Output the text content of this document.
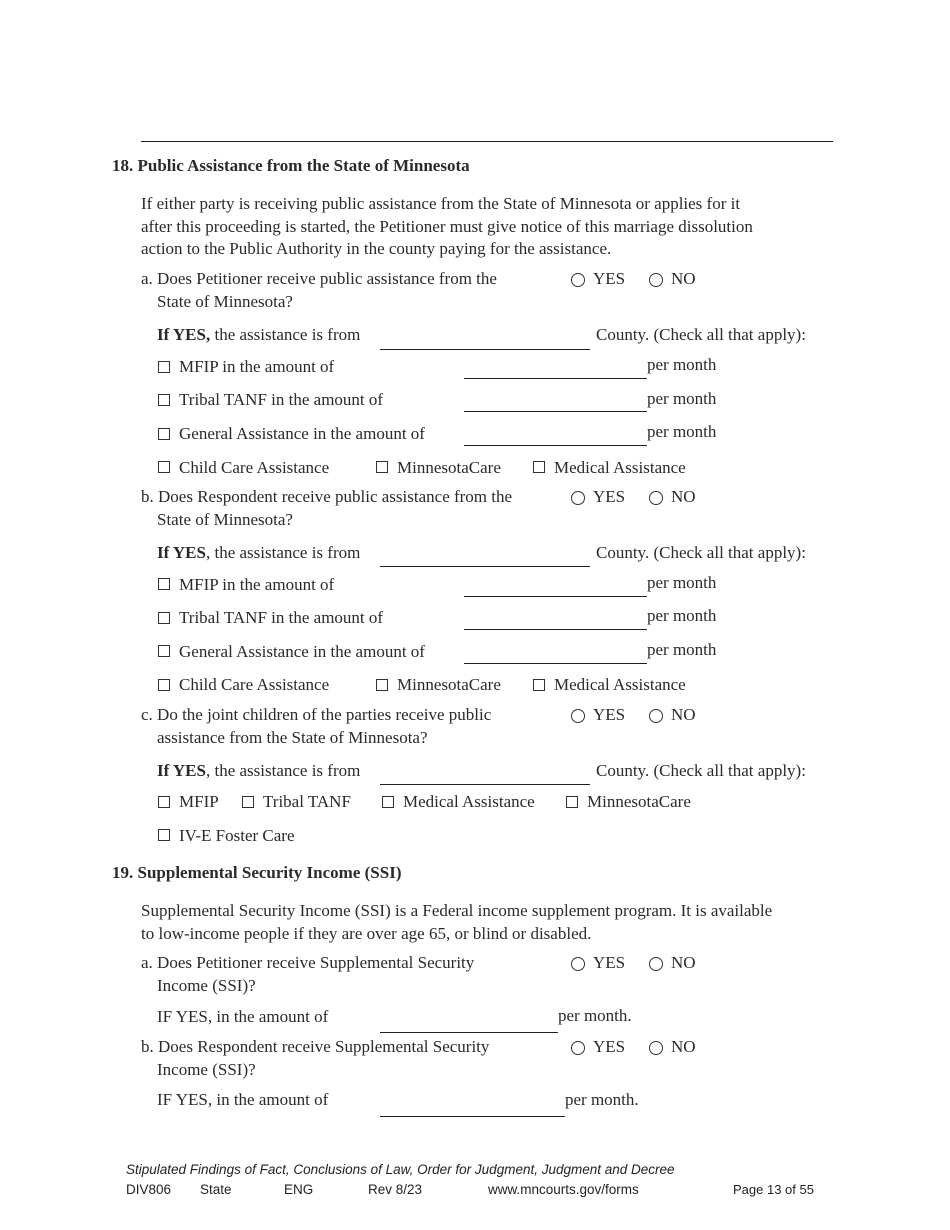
18. Public Assistance from the State of Minnesota
If either party is receiving public assistance from the State of Minnesota or applies for it
after this proceeding is started, the Petitioner must give notice of this marriage dissolution
action to the Public Authority in the county paying for the assistance.
a. Does Petitioner receive public assistance from the
State of Minnesota?
YES	NO
If YES, the assistance is from	County. (Check all that apply):
MFIP in the amount of	per month
Tribal TANF in the amount of	per month
General Assistance in the amount of	per month
Child Care Assistance	MinnesotaCare	Medical Assistance
b. Does Respondent receive public assistance from the
State of Minnesota?
YES	NO
If YES, the assistance is from	County. (Check all that apply):
MFIP in the amount of	per month
Tribal TANF in the amount of	per month
General Assistance in the amount of	per month
Child Care Assistance	MinnesotaCare	Medical Assistance
c. Do the joint children of the parties receive public
assistance from the State of Minnesota?
YES	NO
If YES, the assistance is from	County. (Check all that apply):
MFIP	Tribal TANF	Medical Assistance	MinnesotaCare
IV-E Foster Care
19. Supplemental Security Income (SSI)
Supplemental Security Income (SSI) is a Federal income supplement program. It is available
to low-income people if they are over age 65, or blind or disabled.
a. Does Petitioner receive Supplemental Security
Income (SSI)?
YES	NO
IF YES, in the amount of	per month.
b. Does Respondent receive Supplemental Security
Income (SSI)?
YES	NO
IF YES, in the amount of	per month.
Stipulated Findings of Fact, Conclusions of Law, Order for Judgment, Judgment and Decree
DIV806 State	ENG	Rev 8/23	www.mncourts.gov/forms	Page 13 of 55
